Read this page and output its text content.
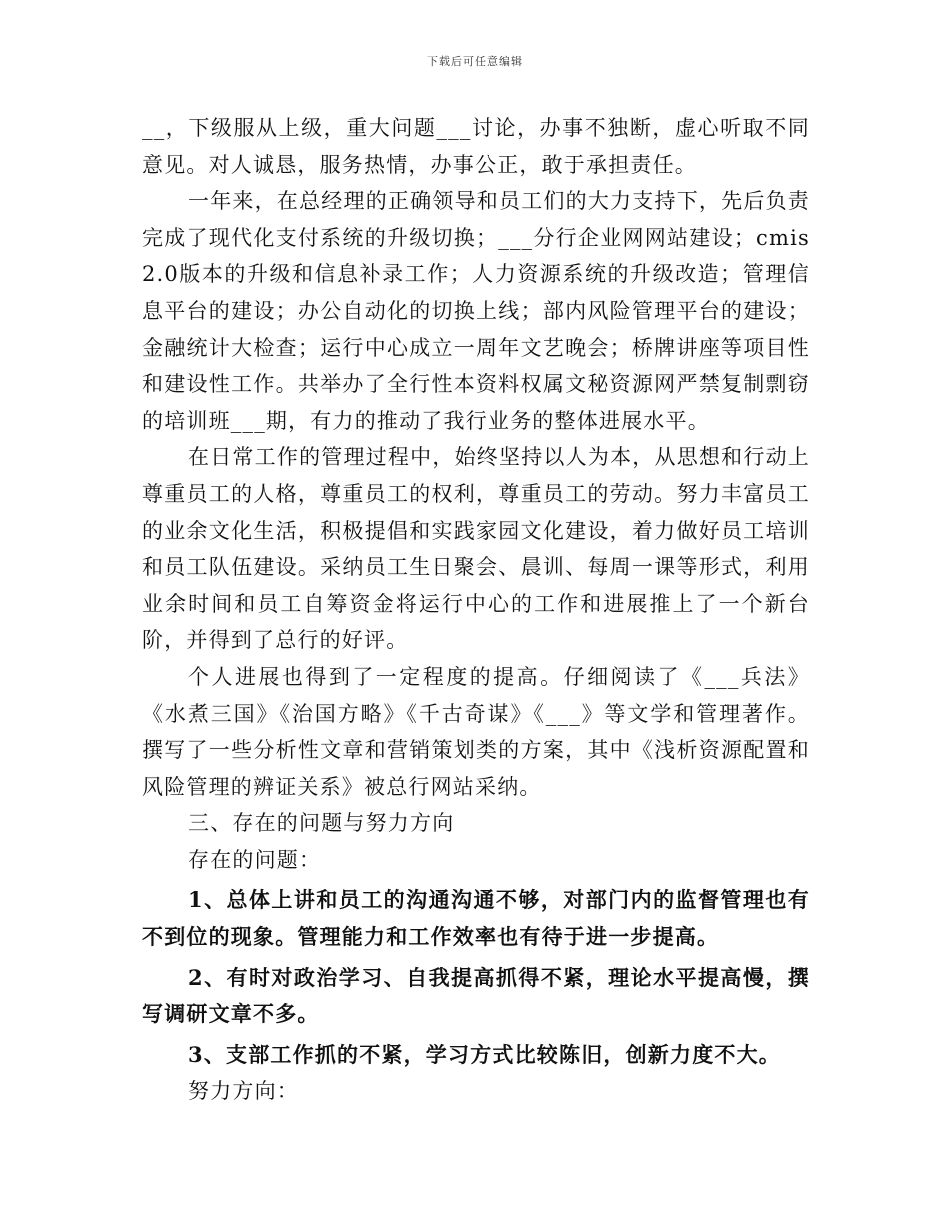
下载后可任意编辑

__，下级服从上级，重大问题___讨论，办事不独断，虚心听取不同意见。对人诚恳，服务热情，办事公正，敢于承担责任。

一年来，在总经理的正确领导和员工们的大力支持下，先后负责完成了现代化支付系统的升级切换；___分行企业网网站建设；cmis2.0版本的升级和信息补录工作；人力资源系统的升级改造；管理信息平台的建设；办公自动化的切换上线；部内风险管理平台的建设；金融统计大检查；运行中心成立一周年文艺晚会；桥牌讲座等项目性和建设性工作。共举办了全行性本资料权属文秘资源网严禁复制剽窃的培训班___期，有力的推动了我行业务的整体进展水平。

在日常工作的管理过程中，始终坚持以人为本，从思想和行动上尊重员工的人格，尊重员工的权利，尊重员工的劳动。努力丰富员工的业余文化生活，积极提倡和实践家园文化建设，着力做好员工培训和员工队伍建设。采纳员工生日聚会、晨训、每周一课等形式，利用业余时间和员工自筹资金将运行中心的工作和进展推上了一个新台阶，并得到了总行的好评。

个人进展也得到了一定程度的提高。仔细阅读了《___兵法》《水煮三国》《治国方略》《千古奇谋》《___》等文学和管理著作。撰写了一些分析性文章和营销策划类的方案，其中《浅析资源配置和风险管理的辨证关系》被总行网站采纳。

三、存在的问题与努力方向

存在的问题：

1、总体上讲和员工的沟通沟通不够，对部门内的监督管理也有不到位的现象。管理能力和工作效率也有待于进一步提高。

2、有时对政治学习、自我提高抓得不紧，理论水平提高慢，撰写调研文章不多。

3、支部工作抓的不紧，学习方式比较陈旧，创新力度不大。

努力方向：
